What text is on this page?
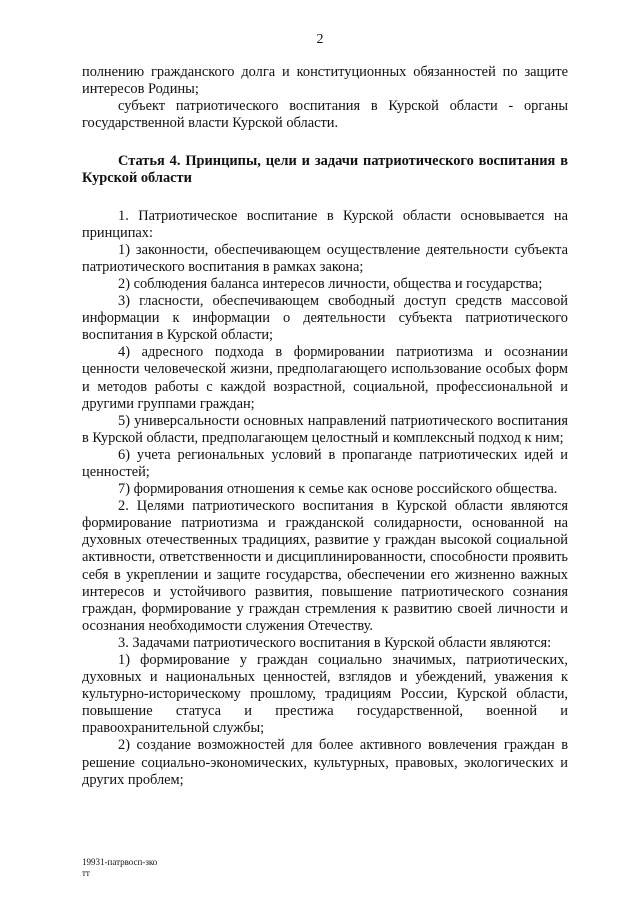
2

полнению гражданского долга и конституционных обязанностей по защите интересов Родины;

субъект патриотического воспитания в Курской области - органы государственной власти Курской области.

Статья 4. Принципы, цели и задачи патриотического воспитания в Курской области

1. Патриотическое воспитание в Курской области основывается на принципах:

1) законности, обеспечивающем осуществление деятельности субъекта патриотического воспитания в рамках закона;

2) соблюдения баланса интересов личности, общества и государства;

3) гласности, обеспечивающем свободный доступ средств массовой информации к информации о деятельности субъекта патриотического воспитания в Курской области;

4) адресного подхода в формировании патриотизма и осознании ценности человеческой жизни, предполагающего использование особых форм и методов работы с каждой возрастной, социальной, профессиональной и другими группами граждан;

5) универсальности основных направлений патриотического воспитания в Курской области, предполагающем целостный и комплексный подход к ним;

6) учета региональных условий в пропаганде патриотических идей и ценностей;

7) формирования отношения к семье как основе российского общества.

2. Целями патриотического воспитания в Курской области являются формирование патриотизма и гражданской солидарности, основанной на духовных отечественных традициях, развитие у граждан высокой социальной активности, ответственности и дисциплинированности, способности проявить себя в укреплении и защите государства, обеспечении его жизненно важных интересов и устойчивого развития, повышение патриотического сознания граждан, формирование у граждан стремления к развитию своей личности и осознания необходимости служения Отечеству.

3. Задачами патриотического воспитания в Курской области являются:

1) формирование у граждан социально значимых, патриотических, духовных и национальных ценностей, взглядов и убеждений, уважения к культурно-историческому прошлому, традициям России, Курской области, повышение статуса и престижа государственной, военной и правоохранительной службы;

2) создание возможностей для более активного вовлечения граждан в решение социально-экономических, культурных, правовых, экологических и других проблем;

19931-патрвосп-зко
тт
